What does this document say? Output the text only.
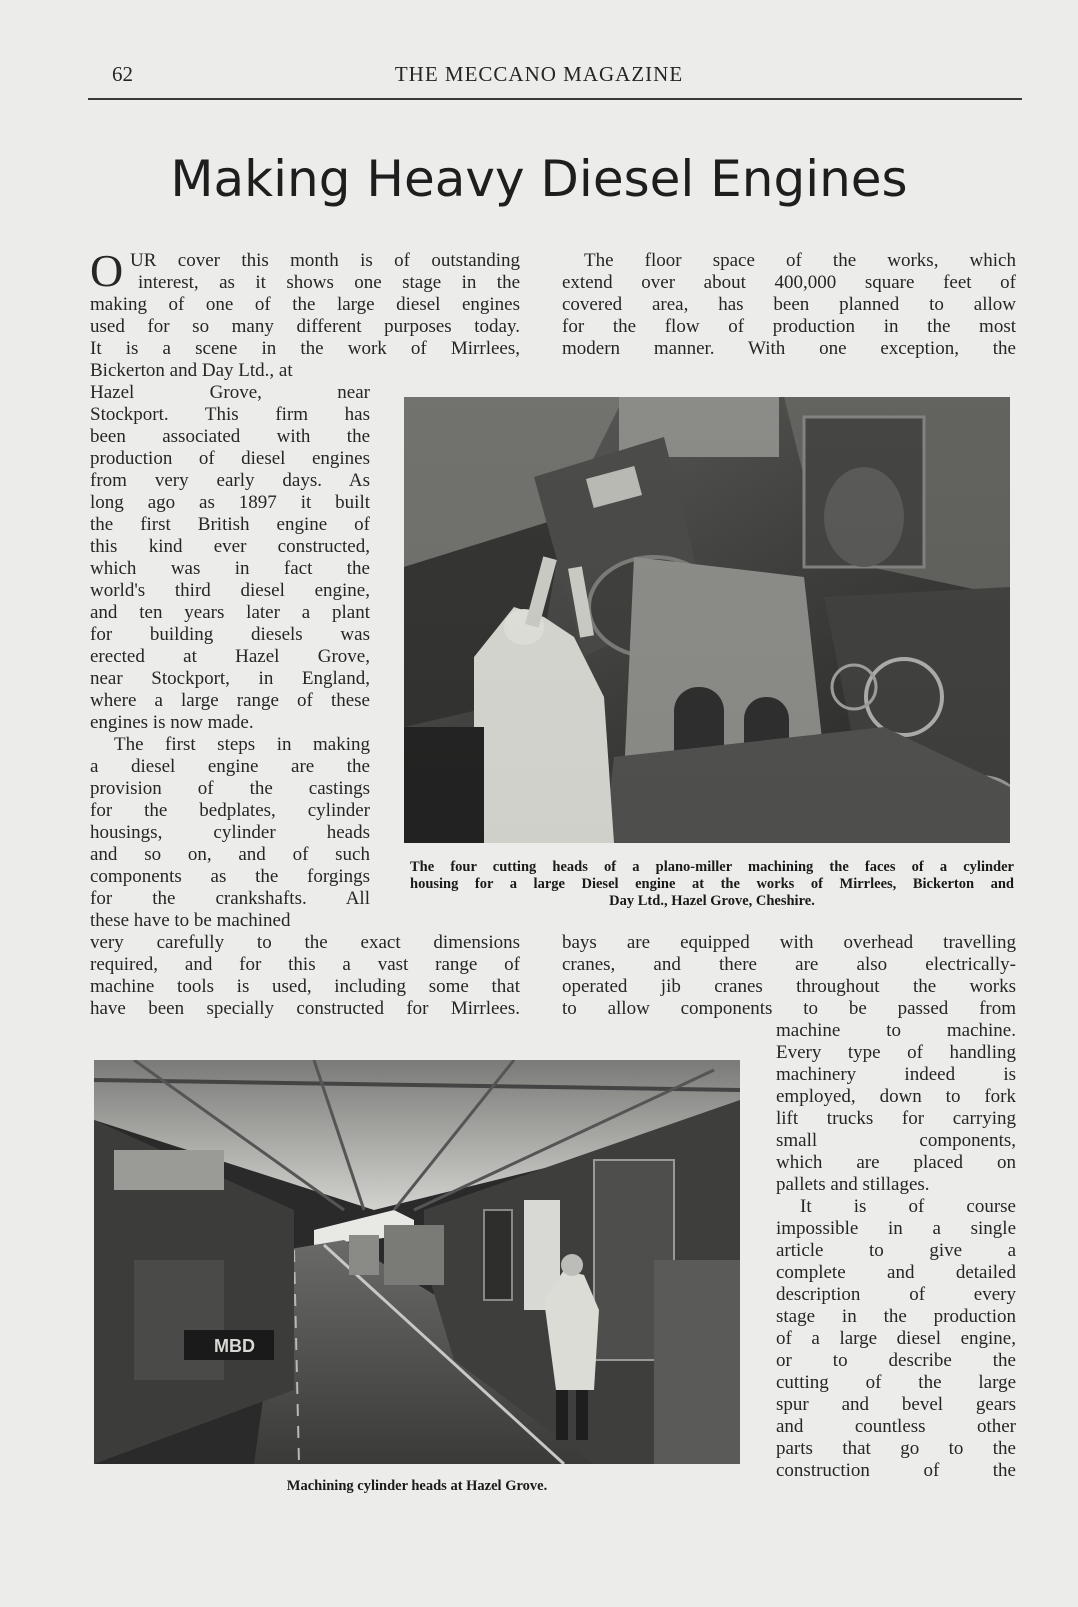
62	THE MECCANO MAGAZINE
Making Heavy Diesel Engines
O UR cover this month is of outstanding
interest, as it shows one stage in the
making of one of the large diesel engines
used for so many different purposes today.
It is a scene in the work of Mirrlees,
Bickerton and Day Ltd., at
Hazel Grove, near
Stockport. This firm has
been associated with the
production of diesel engines
from very early days. As
long ago as 1897 it built
the first British engine of
this kind ever constructed,
which was in fact the
world's third diesel engine,
and ten years later a plant
for building diesels was
erected at Hazel Grove,
near Stockport, in England,
where a large range of these
engines is now made.
The first steps in making
a diesel engine are the
provision of the castings
for the bedplates, cylinder
housings, cylinder heads
and so on, and of such
components as the forgings
for the crankshafts. All
these have to be machined
very carefully to the exact dimensions
required, and for this a vast range of
machine tools is used, including some that
have been specially constructed for Mirrlees.
The floor space of the works, which
extend over about 400,000 square feet of
covered area, has been planned to allow
for the flow of production in the most
modern manner. With one exception, the
The four cutting heads of a plano-miller machining the faces of a cylinder
housing for a large Diesel engine at the works of Mirrlees, Bickerton and
Day Ltd., Hazel Grove, Cheshire.
bays are equipped with overhead travelling
cranes, and there are also electrically-
operated jib cranes throughout the works
to allow components to be passed from
machine to machine.
Every type of handling
machinery indeed is
employed, down to fork
lift trucks for carrying
small components,
which are placed on
pallets and stillages.
It is of course
impossible in a single
article to give a
complete and detailed
description of every
stage in the production
of a large diesel engine,
or to describe the
cutting of the large
spur and bevel gears
and countless other
parts that go to the
construction of the
MBD
Machining cylinder heads at Hazel Grove.
